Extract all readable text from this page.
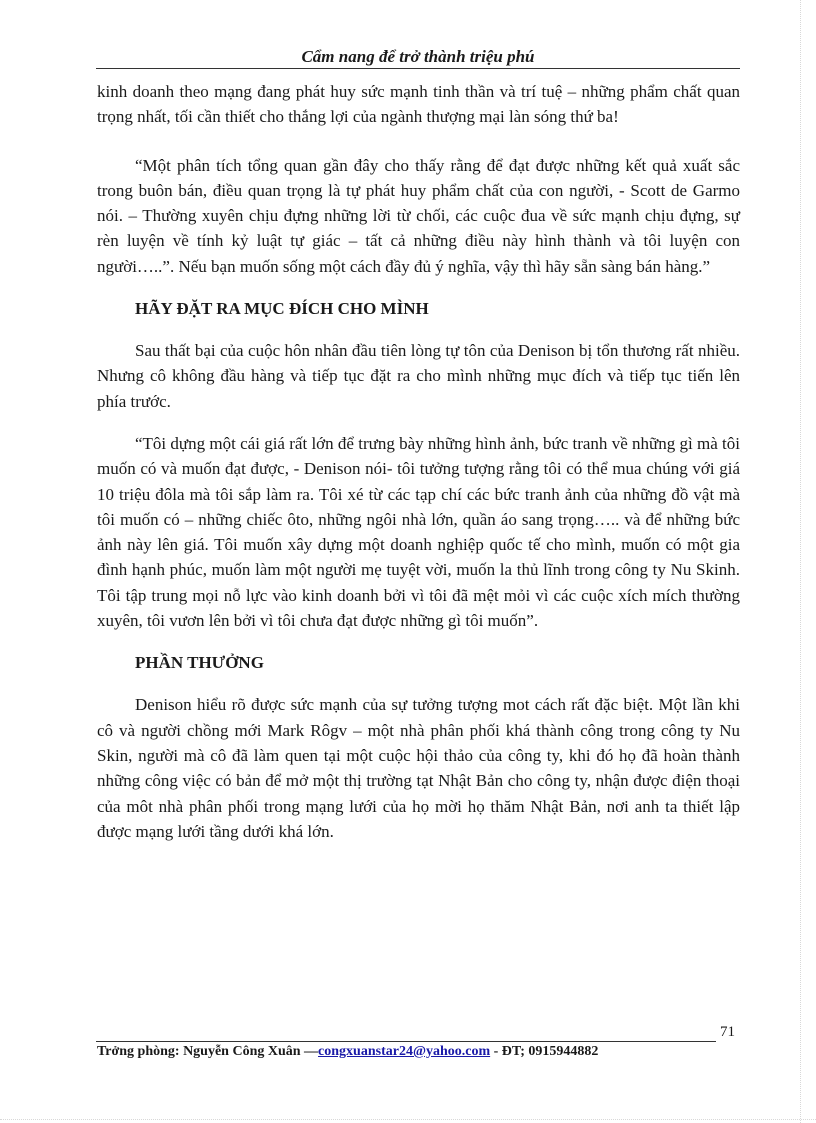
Cẩm nang để trở thành triệu phú

kinh doanh theo mạng đang phát huy sức mạnh tinh thần và trí tuệ – những phẩm chất quan trọng nhất, tối cần thiết cho thắng lợi của ngành thượng mại làn sóng thứ ba!

“Một phân tích tổng quan gần đây cho thấy rằng để đạt được những kết quả xuất sắc trong buôn bán, điều quan trọng là tự phát huy phẩm chất của con người, - Scott de Garmo nói. – Thường xuyên chịu đựng những lời từ chối, các cuộc đua về sức mạnh chịu đựng, sự rèn luyện về tính kỷ luật tự giác – tất cả những điều này hình thành và tôi luyện con người…..”. Nếu bạn muốn sống một cách đầy đủ ý nghĩa, vậy thì hãy sẵn sàng bán hàng.”

HÃY ĐẶT RA MỤC ĐÍCH CHO MÌNH

Sau thất bại của cuộc hôn nhân đầu tiên lòng tự tôn của Denison bị tổn thương rất nhiều. Nhưng cô không đầu hàng và tiếp tục đặt ra cho mình những mục đích và tiếp tục tiến lên phía trước.

“Tôi dựng một cái giá rất lớn để trưng bày những hình ảnh, bức tranh về những gì mà tôi muốn có và muốn đạt được, - Denison nói- tôi tưởng tượng rằng tôi có thể mua chúng với giá 10 triệu đôla mà tôi sắp làm ra. Tôi xé từ các tạp chí các bức tranh ảnh của những đồ vật mà tôi muốn có – những chiếc ôto, những ngôi nhà lớn, quần áo sang trọng….. và để những bức ảnh này lên giá. Tôi muốn xây dựng một doanh nghiệp quốc tế cho mình, muốn có một gia đình hạnh phúc, muốn làm một người mẹ tuyệt vời, muốn la thủ lĩnh trong công ty Nu Skinh. Tôi tập trung mọi nỗ lực vào kinh doanh bởi vì tôi đã mệt mỏi vì các cuộc xích mích thường xuyên, tôi vươn lên bởi vì tôi chưa đạt được những gì tôi muốn”.

PHẦN THƯỞNG

Denison hiểu rõ được sức mạnh của sự tưởng tượng mot cách rất đặc biệt. Một lần khi cô và người chồng mới Mark Rôgv – một nhà phân phối khá thành công trong công ty Nu Skin, người mà cô đã làm quen tại một cuộc hội thảo của công ty, khi đó họ đã hoàn thành những công việc có bản để mở một thị trường tạt Nhật Bản cho công ty, nhận được điện thoại của môt nhà phân phối trong mạng lưới của họ mời họ thăm Nhật Bản, nơi anh ta thiết lập được mạng lưới tầng dưới khá lớn.

71
Trởng phòng: Nguyễn Công Xuân —congxuanstar24@yahoo.com - ĐT; 0915944882
